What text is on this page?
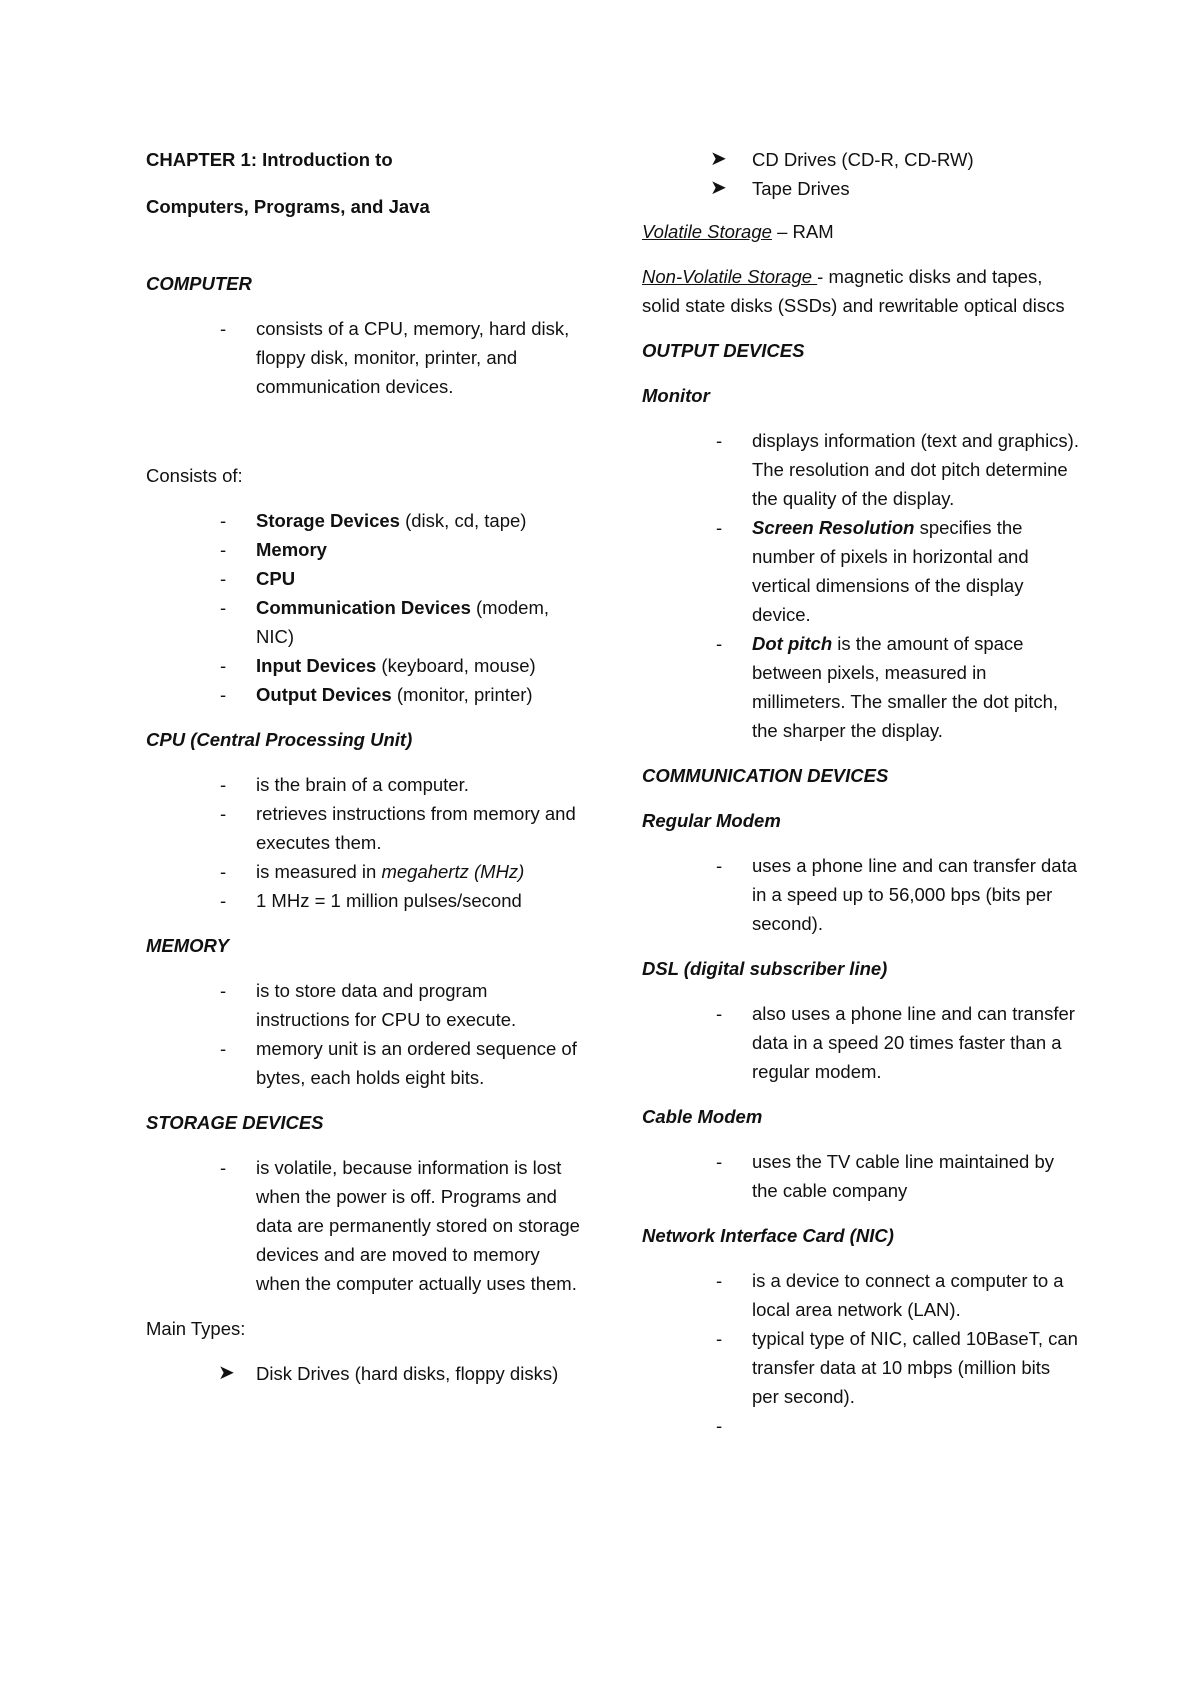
CHAPTER 1: Introduction to

Computers, Programs, and Java

COMPUTER

- consists of a CPU, memory, hard disk, floppy disk, monitor, printer, and communication devices.

Consists of:

- Storage Devices (disk, cd, tape)
- Memory
- CPU
- Communication Devices (modem, NIC)
- Input Devices (keyboard, mouse)
- Output Devices (monitor, printer)

CPU (Central Processing Unit)

- is the brain of a computer.
- retrieves instructions from memory and executes them.
- is measured in megahertz (MHz)
- 1 MHz = 1 million pulses/second

MEMORY

- is to store data and program instructions for CPU to execute.
- memory unit is an ordered sequence of bytes, each holds eight bits.

STORAGE DEVICES

- is volatile, because information is lost when the power is off. Programs and data are permanently stored on storage devices and are moved to memory when the computer actually uses them.

Main Types:

➤ Disk Drives (hard disks, floppy disks)
➤ CD Drives (CD-R, CD-RW)
➤ Tape Drives

Volatile Storage – RAM

Non-Volatile Storage - magnetic disks and tapes, solid state disks (SSDs) and rewritable optical discs

OUTPUT DEVICES

Monitor

- displays information (text and graphics). The resolution and dot pitch determine the quality of the display.
- Screen Resolution specifies the number of pixels in horizontal and vertical dimensions of the display device.
- Dot pitch is the amount of space between pixels, measured in millimeters. The smaller the dot pitch, the sharper the display.

COMMUNICATION DEVICES

Regular Modem

- uses a phone line and can transfer data in a speed up to 56,000 bps (bits per second).

DSL (digital subscriber line)

- also uses a phone line and can transfer data in a speed 20 times faster than a regular modem.

Cable Modem

- uses the TV cable line maintained by the cable company

Network Interface Card (NIC)

- is a device to connect a computer to a local area network (LAN).
- typical type of NIC, called 10BaseT, can transfer data at 10 mbps (million bits per second).
-
